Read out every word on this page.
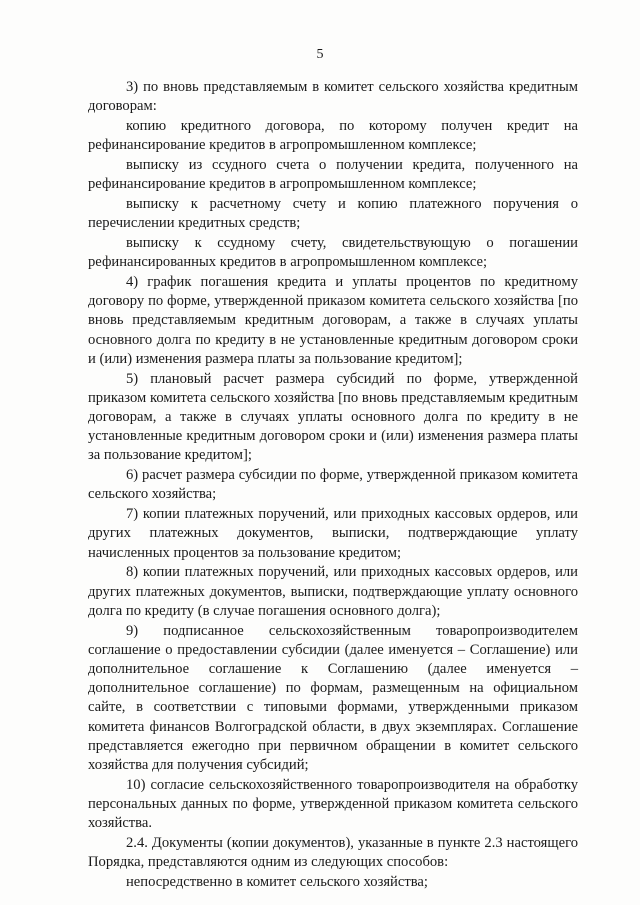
5

3) по вновь представляемым в комитет сельского хозяйства кредитным договорам:

копию кредитного договора, по которому получен кредит на рефинансирование кредитов в агропромышленном комплексе;

выписку из ссудного счета о получении кредита, полученного на рефинансирование кредитов в агропромышленном комплексе;

выписку к расчетному счету и копию платежного поручения о перечислении кредитных средств;

выписку к ссудному счету, свидетельствующую о погашении рефинансированных кредитов в агропромышленном комплексе;

4) график погашения кредита и уплаты процентов по кредитному договору по форме, утвержденной приказом комитета сельского хозяйства [по вновь представляемым кредитным договорам, а также в случаях уплаты основного долга по кредиту в не установленные кредитным договором сроки и (или) изменения размера платы за пользование кредитом];

5) плановый расчет размера субсидий по форме, утвержденной приказом комитета сельского хозяйства [по вновь представляемым кредитным договорам, а также в случаях уплаты основного долга по кредиту в не установленные кредитным договором сроки и (или) изменения размера платы за пользование кредитом];

6) расчет размера субсидии по форме, утвержденной приказом комитета сельского хозяйства;

7) копии платежных поручений, или приходных кассовых ордеров, или других платежных документов, выписки, подтверждающие уплату начисленных процентов за пользование кредитом;

8) копии платежных поручений, или приходных кассовых ордеров, или других платежных документов, выписки, подтверждающие уплату основного долга по кредиту (в случае погашения основного долга);

9) подписанное сельскохозяйственным товаропроизводителем соглашение о предоставлении субсидии (далее именуется – Соглашение) или дополнительное соглашение к Соглашению (далее именуется – дополнительное соглашение) по формам, размещенным на официальном сайте, в соответствии с типовыми формами, утвержденными приказом комитета финансов Волгоградской области, в двух экземплярах. Соглашение представляется ежегодно при первичном обращении в комитет сельского хозяйства для получения субсидий;

10) согласие сельскохозяйственного товаропроизводителя на обработку персональных данных по форме, утвержденной приказом комитета сельского хозяйства.

2.4. Документы (копии документов), указанные в пункте 2.3 настоящего Порядка, представляются одним из следующих способов:

непосредственно в комитет сельского хозяйства;
